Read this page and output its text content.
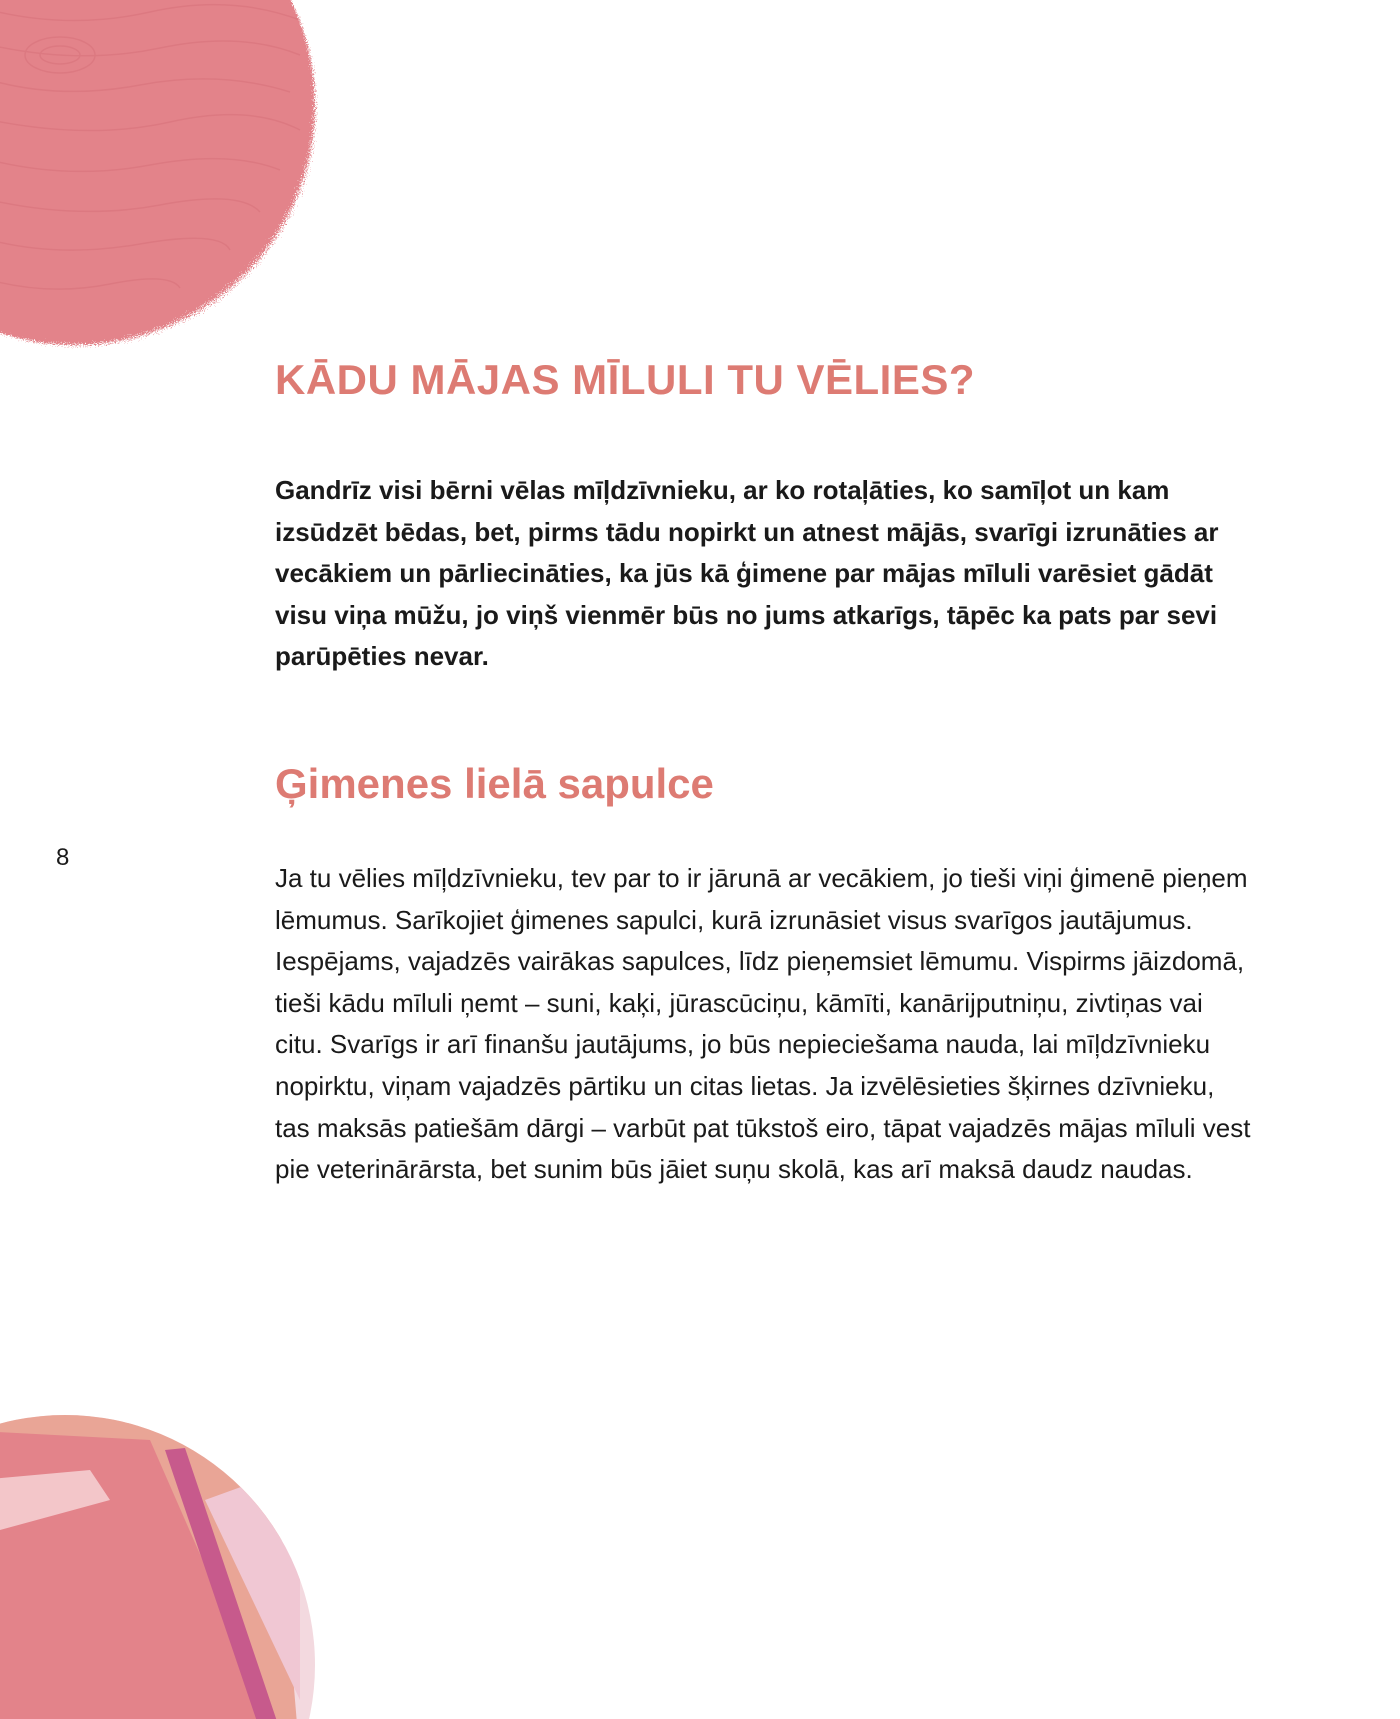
8
KĀDU MĀJAS MĪLULI TU VĒLIES?

Gandrīz visi bērni vēlas mīļdzīvnieku, ar ko rotaļāties, ko samīļot un kam izsūdzēt bēdas, bet, pirms tādu nopirkt un atnest mājās, svarīgi izrunāties ar vecākiem un pārliecināties, ka jūs kā ģimene par mājas mīluli varēsiet gādāt visu viņa mūžu, jo viņš vienmēr būs no jums atkarīgs, tāpēc ka pats par sevi parūpēties nevar.

Ģimenes lielā sapulce

Ja tu vēlies mīļdzīvnieku, tev par to ir jārunā ar vecākiem, jo tieši viņi ģimenē pieņem lēmumus. Sarīkojiet ģimenes sapulci, kurā izrunāsiet visus svarīgos jautājumus. Iespējams, vajadzēs vairākas sapulces, līdz pieņemsiet lēmumu. Vispirms jāizdomā, tieši kādu mīluli ņemt – suni, kaķi, jūrascūciņu, kāmīti, kanārijputniņu, zivtiņas vai citu. Svarīgs ir arī finanšu jautājums, jo būs nepieciešama nauda, lai mīļdzīvnieku nopirktu, viņam vajadzēs pārtiku un citas lietas. Ja izvēlēsieties šķirnes dzīvnieku, tas maksās patiešām dārgi – varbūt pat tūkstoš eiro, tāpat vajadzēs mājas mīluli vest pie veterinārārsta, bet sunim būs jāiet suņu skolā, kas arī maksā daudz naudas.
